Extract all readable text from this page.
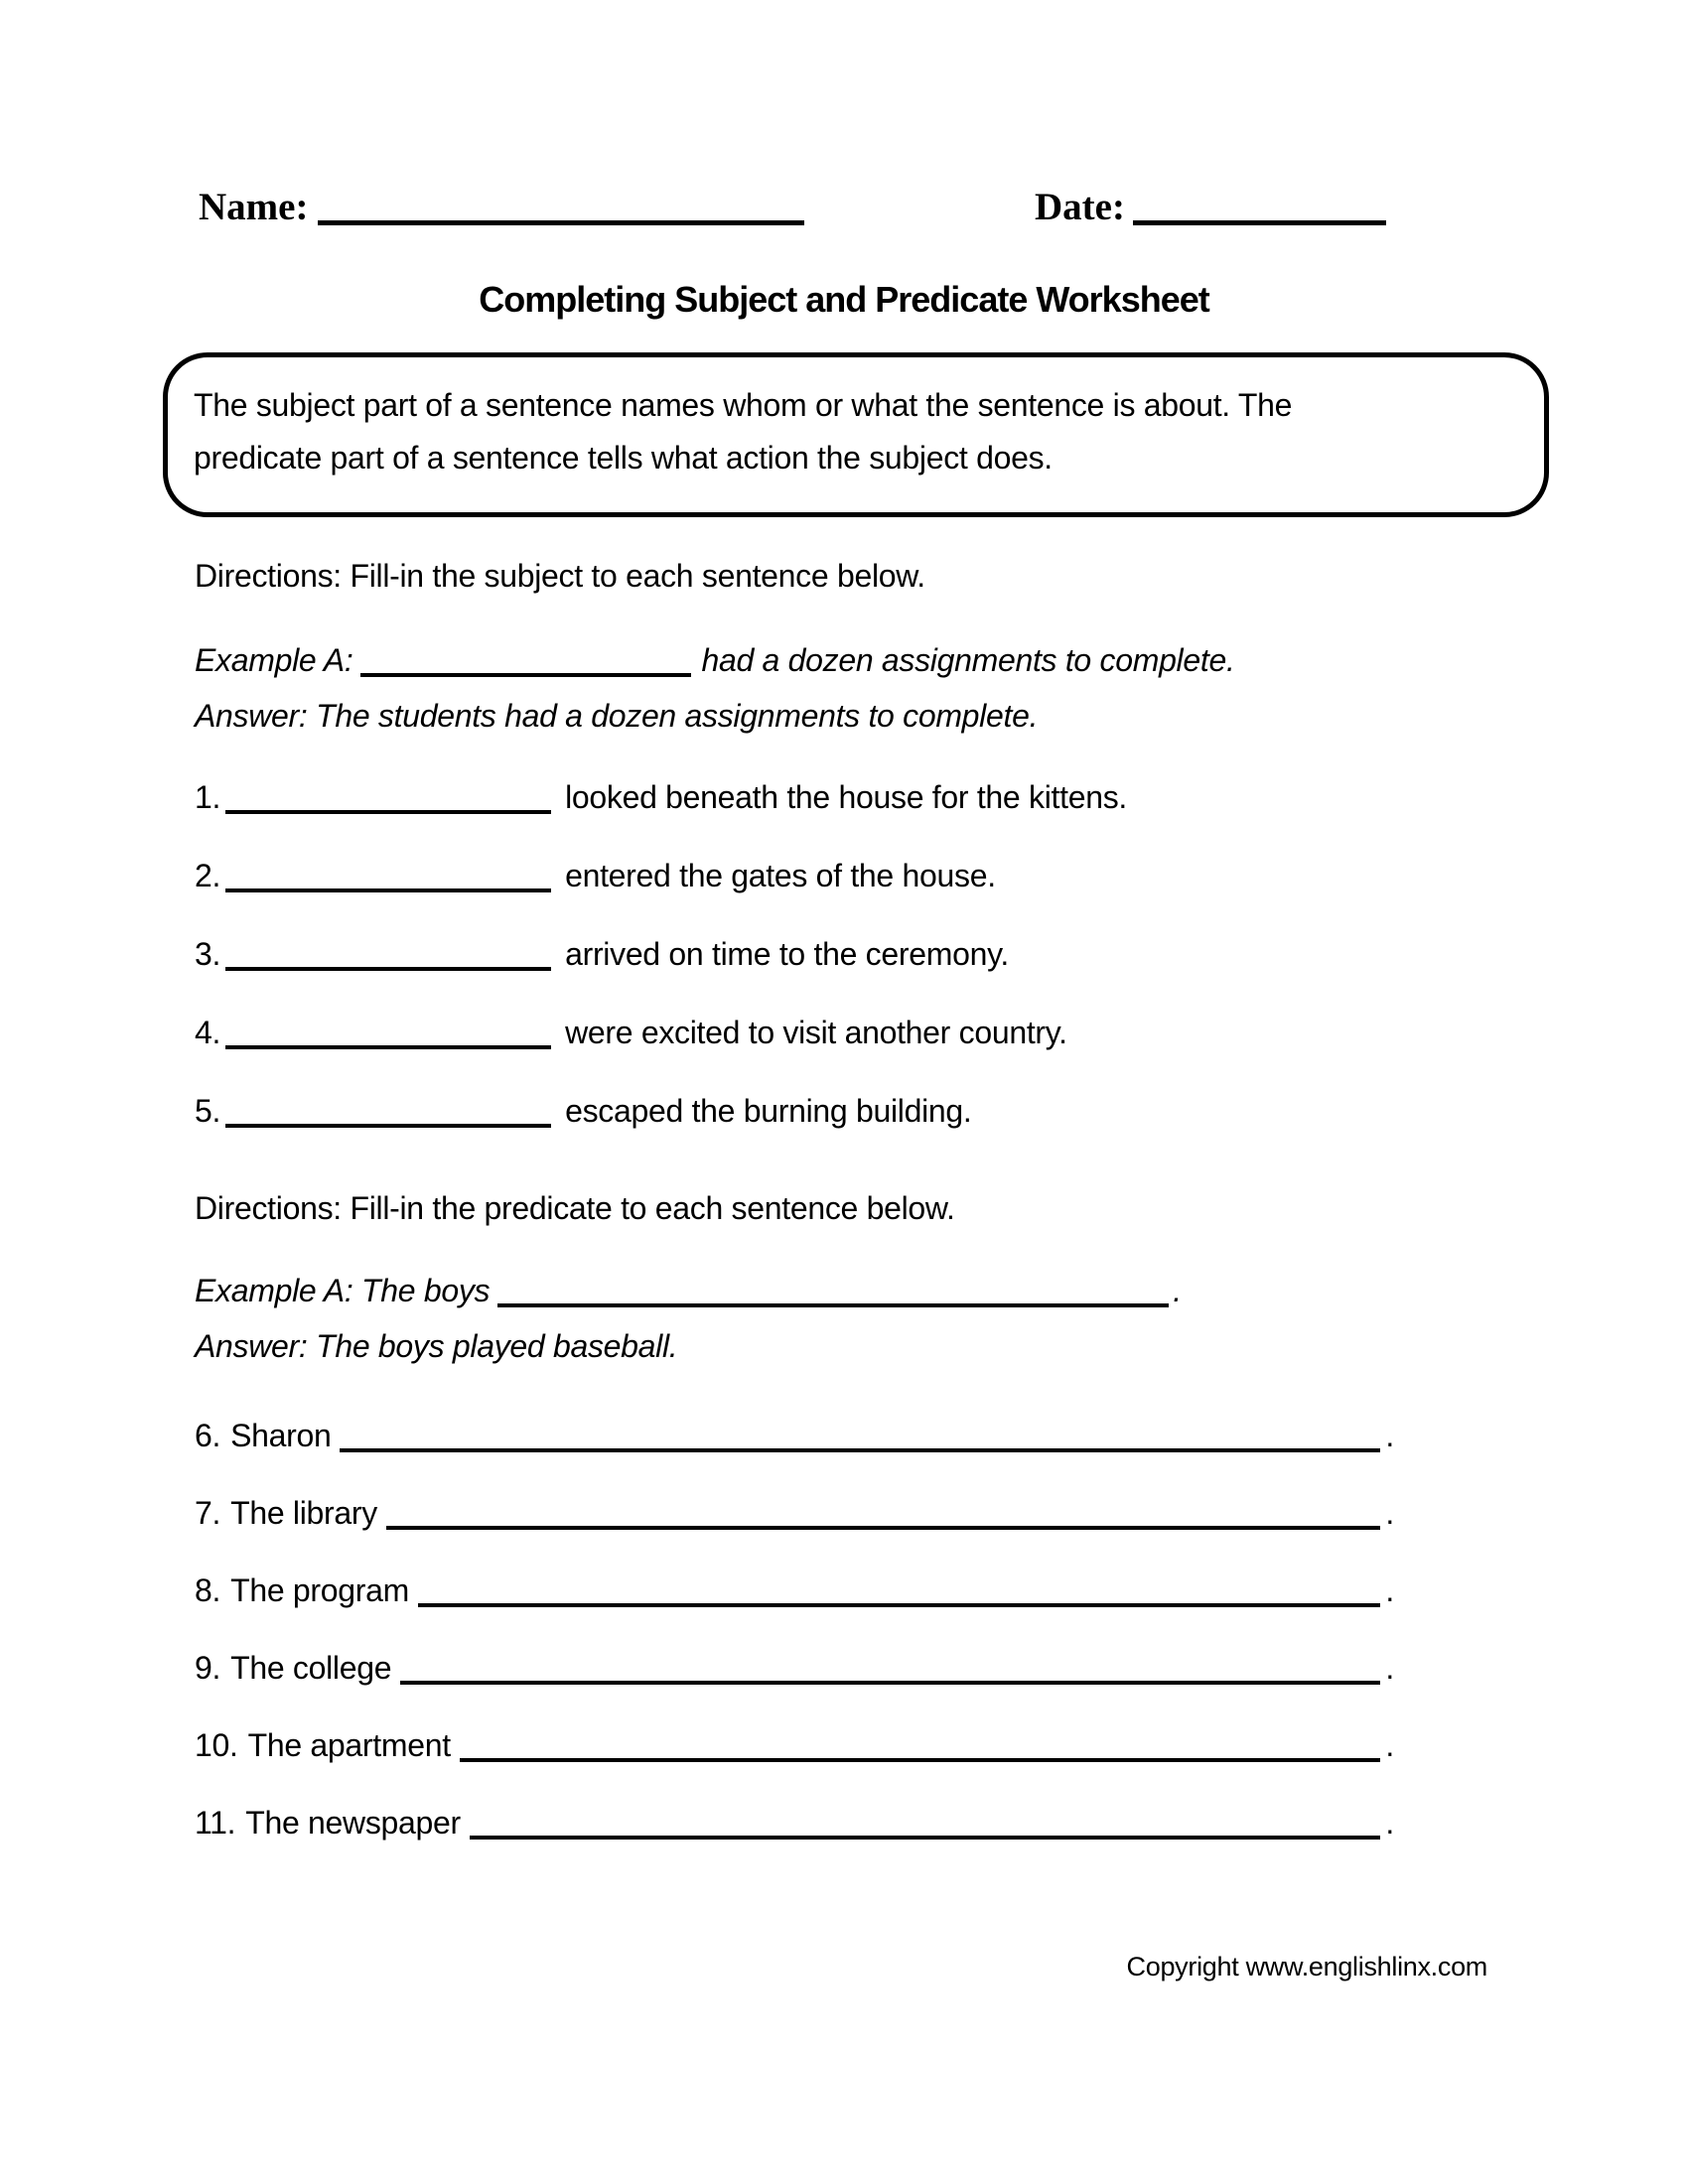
Name:	Date:
Completing Subject and Predicate Worksheet
The subject part of a sentence names whom or what the sentence is about. The predicate part of a sentence tells what action the subject does.
Directions: Fill-in the subject to each sentence below.
Example A:	had a dozen assignments to complete.
Answer: The students had a dozen assignments to complete.
1.	looked beneath the house for the kittens.
2.	entered the gates of the house.
3.	arrived on time to the ceremony.
4.	were excited to visit another country.
5.	escaped the burning building.
Directions: Fill-in the predicate to each sentence below.
Example A: The boys	.
Answer: The boys played baseball.
6. Sharon	.
7. The library	.
8. The program	.
9. The college	.
10. The apartment	.
11. The newspaper	.
Copyright www.englishlinx.com
